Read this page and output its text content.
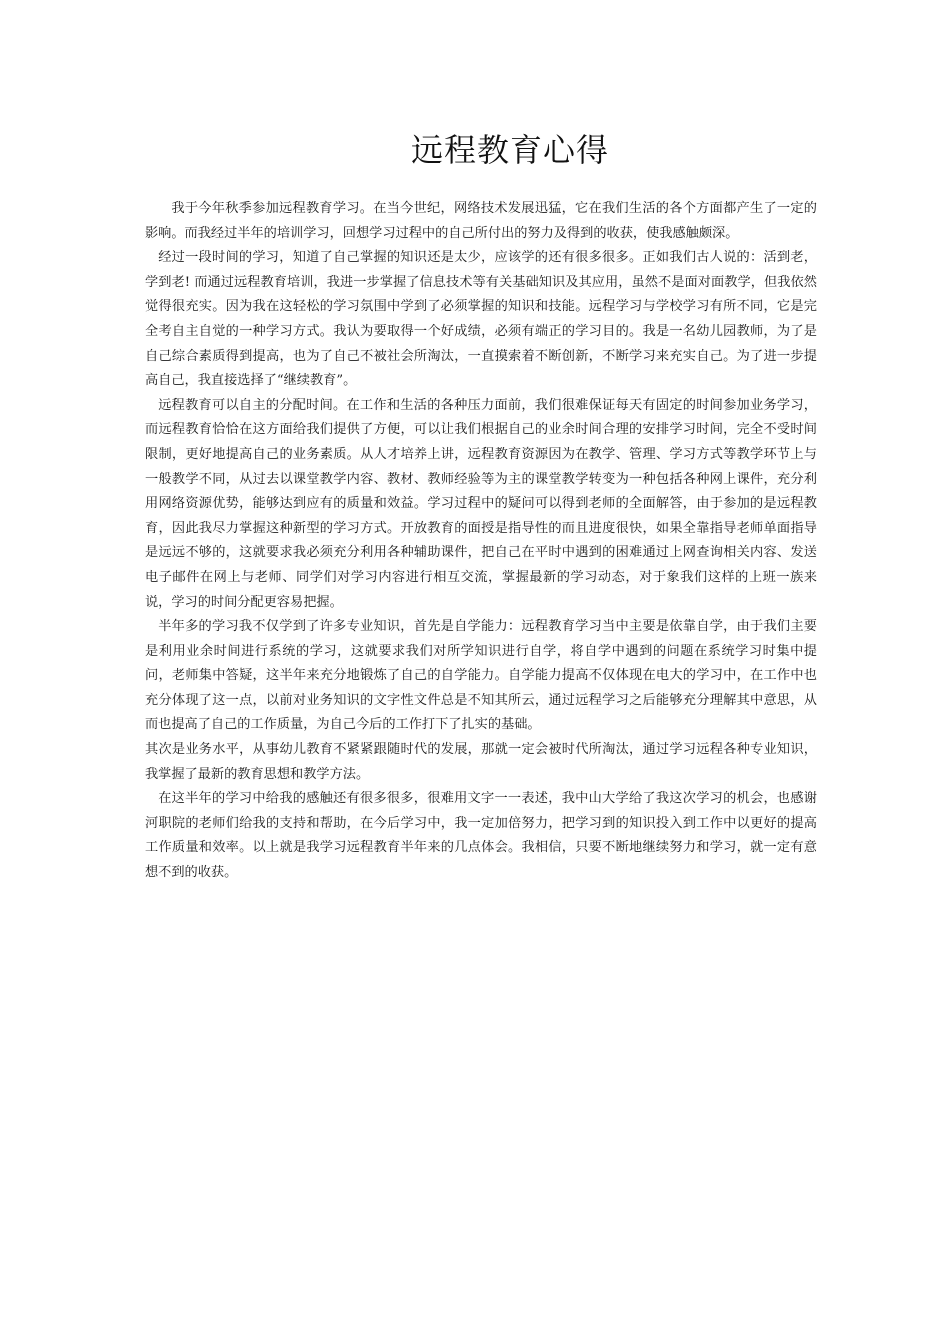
远程教育心得

我于今年秋季参加远程教育学习。在当今世纪，网络技术发展迅猛，它在我们生活的各个方面都产生了一定的影响。而我经过半年的培训学习，回想学习过程中的自己所付出的努力及得到的收获，使我感触颇深。

经过一段时间的学习，知道了自己掌握的知识还是太少，应该学的还有很多很多。正如我们古人说的：活到老，学到老! 而通过远程教育培训，我进一步掌握了信息技术等有关基础知识及其应用，虽然不是面对面教学，但我依然觉得很充实。因为我在这轻松的学习氛围中学到了必须掌握的知识和技能。远程学习与学校学习有所不同，它是完全考自主自觉的一种学习方式。我认为要取得一个好成绩，必须有端正的学习目的。我是一名幼儿园教师，为了是自己综合素质得到提高，也为了自己不被社会所淘汰，一直摸索着不断创新，不断学习来充实自己。为了进一步提高自己，我直接选择了“继续教育”。

远程教育可以自主的分配时间。在工作和生活的各种压力面前，我们很难保证每天有固定的时间参加业务学习，而远程教育恰恰在这方面给我们提供了方便，可以让我们根据自己的业余时间合理的安排学习时间，完全不受时间限制，更好地提高自己的业务素质。从人才培养上讲，远程教育资源因为在教学、管理、学习方式等教学环节上与一般教学不同，从过去以课堂教学内容、教材、教师经验等为主的课堂教学转变为一种包括各种网上课件，充分利用网络资源优势，能够达到应有的质量和效益。学习过程中的疑问可以得到老师的全面解答，由于参加的是远程教育，因此我尽力掌握这种新型的学习方式。开放教育的面授是指导性的而且进度很快，如果全靠指导老师单面指导是远远不够的，这就要求我必须充分利用各种辅助课件，把自己在平时中遇到的困难通过上网查询相关内容、发送电子邮件在网上与老师、同学们对学习内容进行相互交流，掌握最新的学习动态，对于象我们这样的上班一族来说，学习的时间分配更容易把握。

半年多的学习我不仅学到了许多专业知识，首先是自学能力：远程教育学习当中主要是依靠自学，由于我们主要是利用业余时间进行系统的学习，这就要求我们对所学知识进行自学，将自学中遇到的问题在系统学习时集中提问，老师集中答疑，这半年来充分地锻炼了自己的自学能力。自学能力提高不仅体现在电大的学习中，在工作中也充分体现了这一点，以前对业务知识的文字性文件总是不知其所云，通过远程学习之后能够充分理解其中意思，从而也提高了自己的工作质量，为自己今后的工作打下了扎实的基础。

其次是业务水平，从事幼儿教育不紧紧跟随时代的发展，那就一定会被时代所淘汰，通过学习远程各种专业知识，我掌握了最新的教育思想和教学方法。

在这半年的学习中给我的感触还有很多很多，很难用文字一一表述，我中山大学给了我这次学习的机会，也感谢河职院的老师们给我的支持和帮助，在今后学习中，我一定加倍努力，把学习到的知识投入到工作中以更好的提高工作质量和效率。以上就是我学习远程教育半年来的几点体会。我相信，只要不断地继续努力和学习，就一定有意想不到的收获。
